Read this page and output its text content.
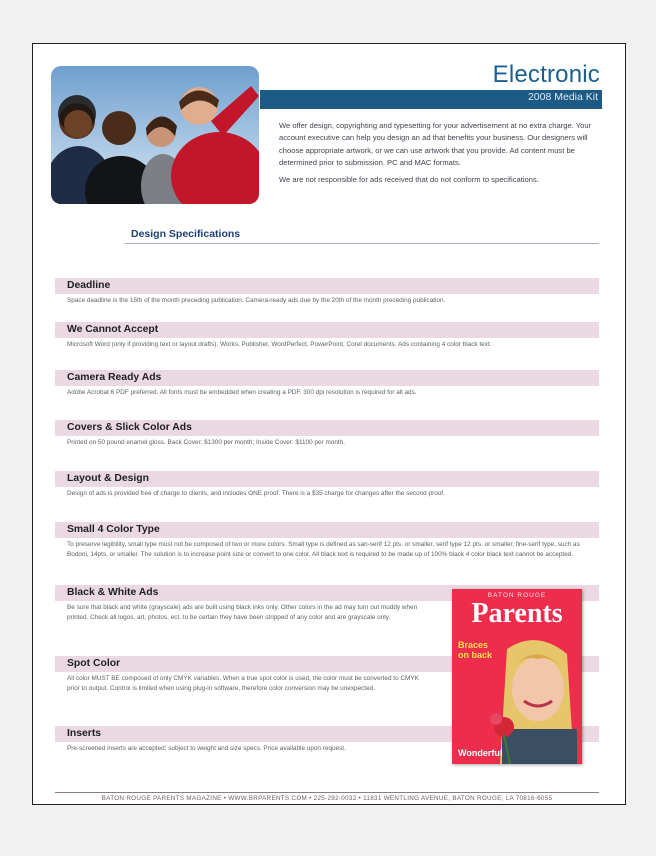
Electronic
2008 Media Kit

We offer design, copyrighting and typesetting for your advertisement at no extra charge. Your account executive can help you design an ad that benefits your business. Our designers will choose appropriate artwork, or we can use artwork that you provide. Ad content must be determined prior to submission. PC and MAC formats.

We are not responsible for ads received that do not conform to specifications.

Design Specifications
Deadline

Space deadline is the 15th of the month preceding publication. Camera-ready ads due by the 20th of the month preceding publication.

We Cannot Accept

Microsoft Word (only if providing text or layout drafts), Works, Publisher, WordPerfect, PowerPoint, Corel documents. Ads containing 4 color black text.

Camera Ready Ads

Adobe Acrobat 6 PDF preferred. All fonts must be embedded when creating a PDF. 300 dpi resolution is required for all ads.

Covers & Slick Color Ads

Printed on 50 pound enamel gloss. Back Cover: $1300 per month; Inside Cover: $1100 per month.

Layout & Design

Design of ads is provided free of charge to clients, and includes ONE proof. There is a $35 charge for changes after the second proof.

Small 4 Color Type

To preserve legibility, small type must not be composed of two or more colors. Small type is defined as san-serif 12 pts. or smaller, serif type 12 pts. or smaller, fine-serif type, such as Bodoni, 14pts. or smaller. The solution is to increase point size or convert to one color. All black text is required to be made up of 100% black 4 color black text cannot be accepted.

Black & White Ads

Be sure that black and white (grayscale) ads are built using black inks only. Other colors in the ad may turn out muddy when printed. Check all logos, art, photos, ect. to be certain they have been stripped of any color and are grayscale only.

Spot Color

All color MUST BE composed of only CMYK variables. When a true spot color is used, the color must be converted to CMYK prior to output. Control is limited when using plug-in software, therefore color conversion may be unexpected.

Inserts

Pre-screened inserts are accepted; subject to weight and size specs. Price available upon request.

BATON ROUGE
Parents
Braces
on back
Wonderful
BATON ROUGE PARENTS MAGAZINE • WWW.BRPARENTS.COM • 225-292-0032 • 11831 WENTLING AVENUE, BATON ROUGE, LA 70816-6055
